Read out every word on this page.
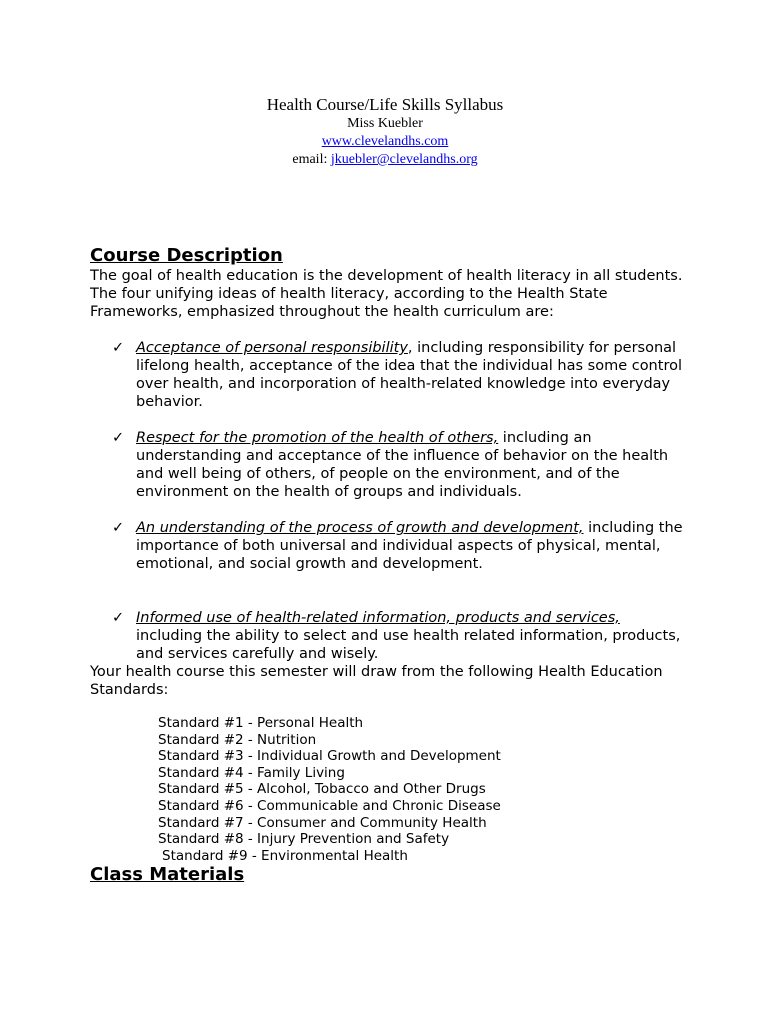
Health Course/Life Skills Syllabus
Miss Kuebler
www.clevelandhs.com
email: jkuebler@clevelandhs.org
Course Description

The goal of health education is the development of health literacy in all students. The four unifying ideas of health literacy, according to the Health State Frameworks, emphasized throughout the health curriculum are:

✓ Acceptance of personal responsibility, including responsibility for personal lifelong health, acceptance of the idea that the individual has some control over health, and incorporation of health-related knowledge into everyday behavior.
✓ Respect for the promotion of the health of others, including an understanding and acceptance of the influence of behavior on the health and well being of others, of people on the environment, and of the environment on the health of groups and individuals.
✓ An understanding of the process of growth and development, including the importance of both universal and individual aspects of physical, mental, emotional, and social growth and development.
✓ Informed use of health-related information, products and services, including the ability to select and use health related information, products, and services carefully and wisely.

Your health course this semester will draw from the following Health Education Standards:

Standard #1 - Personal Health
Standard #2 - Nutrition
Standard #3 - Individual Growth and Development
Standard #4 - Family Living
Standard #5 - Alcohol, Tobacco and Other Drugs
Standard #6 - Communicable and Chronic Disease
Standard #7 - Consumer and Community Health
Standard #8 - Injury Prevention and Safety
Standard #9 - Environmental Health
Class Materials
